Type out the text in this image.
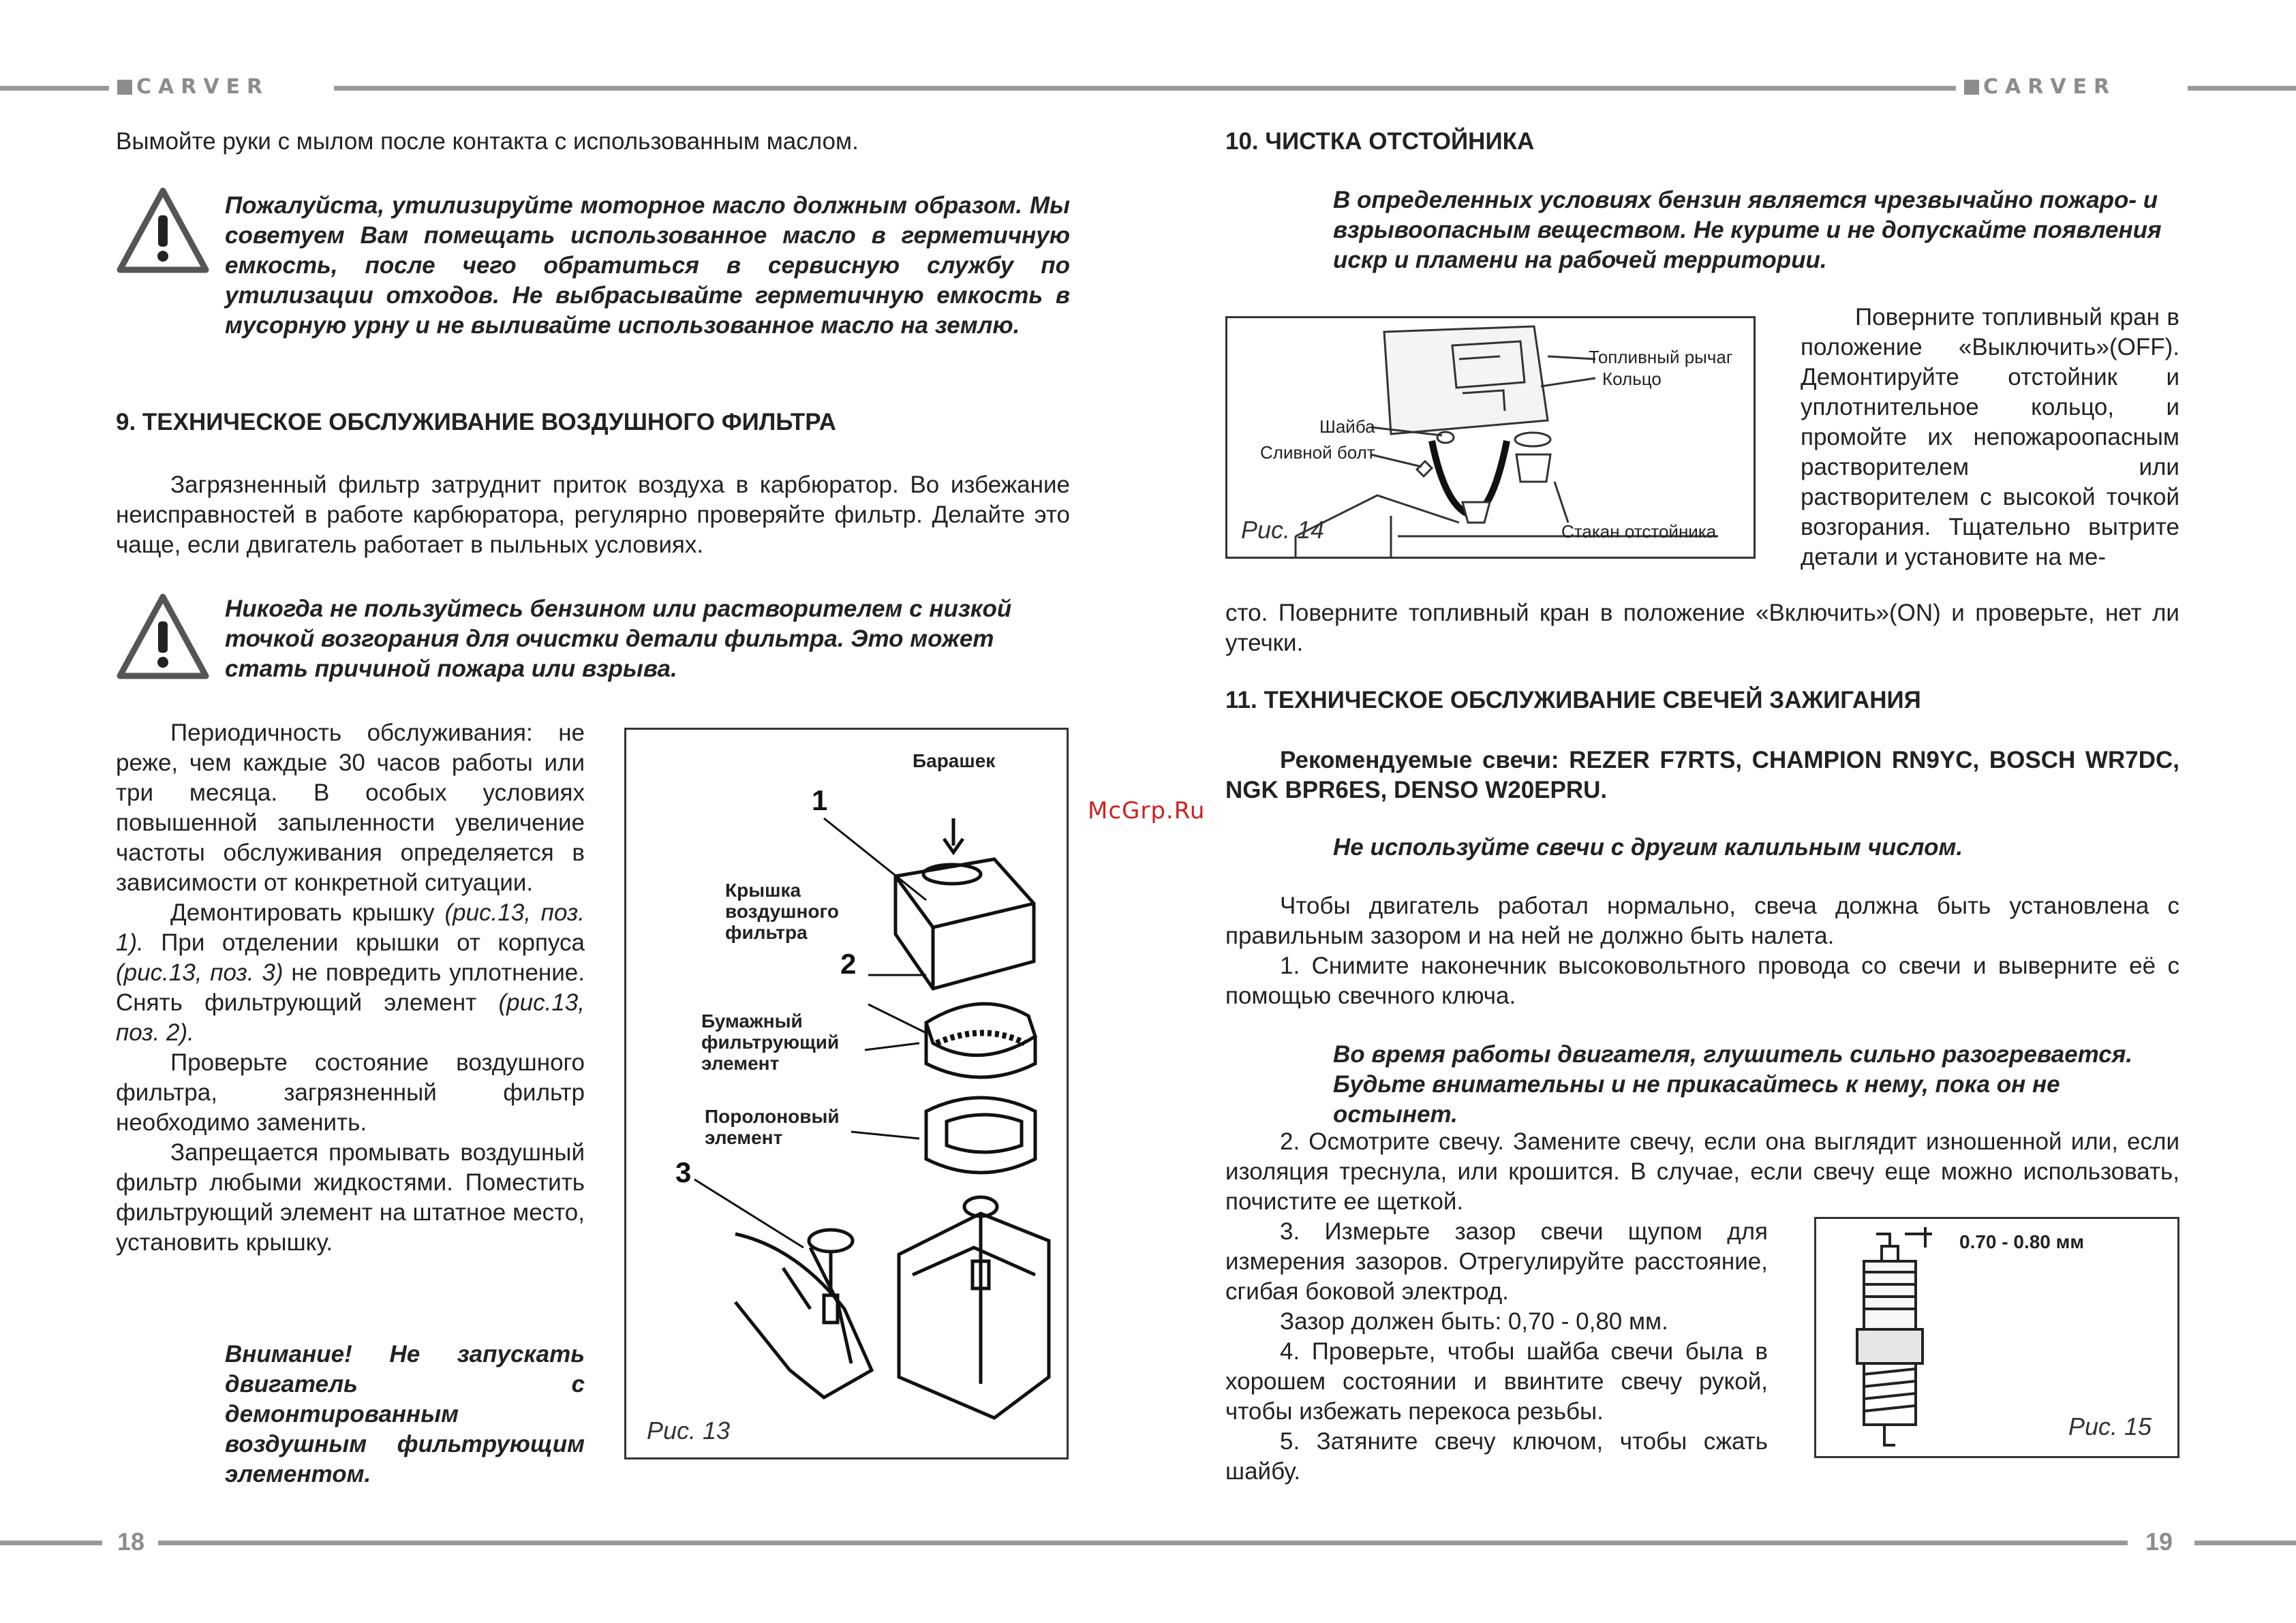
CARVER	CARVER
18	19
McGrp.Ru

Вымойте руки с мылом после контакта с использованным маслом.

Пожалуйста, утилизируйте моторное масло должным образом. Мы советуем Вам помещать использованное масло в герметичную емкость, после чего обратиться в сервисную службу по утилизации отходов. Не выбрасывайте герметичную емкость в мусорную урну и не выливайте использованное масло на землю.
9. ТЕХНИЧЕСКОЕ ОБСЛУЖИВАНИЕ ВОЗДУШНОГО ФИЛЬТРА
Загрязненный фильтр затруднит приток воздуха в карбюратор. Во избежание неисправностей в работе карбюратора, регулярно проверяйте фильтр. Делайте это чаще, если двигатель работает в пыльных условиях.
Никогда не пользуйтесь бензином или растворителем с низкой точкой возгорания для очистки детали фильтра. Это может стать причиной пожара или взрыва.

Периодичность обслуживания: не реже, чем каждые 30 часов работы или три месяца. В особых условиях повышенной запыленности увеличение частоты обслуживания определяется в зависимости от конкретной ситуации.

Демонтировать крышку (рис.13, поз. 1). При отделении крышки от корпуса (рис.13, поз. 3) не повредить уплотнение. Снять фильтрующий элемент (рис.13, поз. 2).

Проверьте состояние воздушного фильтра, загрязненный фильтр необходимо заменить.

Запрещается промывать воздушный фильтр любыми жидкостями. Поместить фильтрующий элемент на штатное место, установить крышку.

Внимание! Не запускать двигатель с демонтированным воздушным фильтрующим элементом.
Барашек
Крышка воздушного фильтра
Бумажный фильтрующий элемент
Поролоновый элемент
1
2
3
Рис. 13
10. ЧИСТКА ОТСТОЙНИКА
В определенных условиях бензин является чрезвычайно пожаро- и взрывоопасным веществом. Не курите и не допускайте появления искр и пламени на рабочей территории.
Топливный рычаг
Кольцо
Шайба
Сливной болт
Стакан отстойника
Рис. 14
Поверните топливный кран в положение «Выключить»(OFF). Демонтируйте отстойник и уплотнительное кольцо, и промойте их непожароопасным растворителем или растворителем с высокой точкой возгорания. Тщательно вытрите детали и установите на ме-
сто. Поверните топливный кран в положение «Включить»(ON) и проверьте, нет ли утечки.
11. ТЕХНИЧЕСКОЕ ОБСЛУЖИВАНИЕ СВЕЧЕЙ ЗАЖИГАНИЯ
Рекомендуемые свечи: REZER F7RTS, CHAMPION RN9YC, BOSCH WR7DC, NGK BPR6ES, DENSO W20EPRU.
Не используйте свечи с другим калильным числом.

Чтобы двигатель работал нормально, свеча должна быть установлена с правильным зазором и на ней не должно быть налета.

1. Снимите наконечник высоковольтного провода со свечи и выверните её с помощью свечного ключа.

Во время работы двигателя, глушитель сильно разогревается.

Будьте внимательны и не прикасайтесь к нему, пока он не остынет.

2. Осмотрите свечу. Замените свечу, если она выглядит изношенной или, если изоляция треснула, или крошится. В случае, если свечу еще можно использовать, почистите ее щеткой.

3. Измерьте зазор свечи щупом для измерения зазоров. Отрегулируйте расстояние, сгибая боковой электрод.

Зазор должен быть: 0,70 - 0,80 мм.

4. Проверьте, чтобы шайба свечи была в хорошем состоянии и ввинтите свечу рукой, чтобы избежать перекоса резьбы.

5. Затяните свечу ключом, чтобы сжать шайбу.

0.70 - 0.80 мм
Рис. 15
